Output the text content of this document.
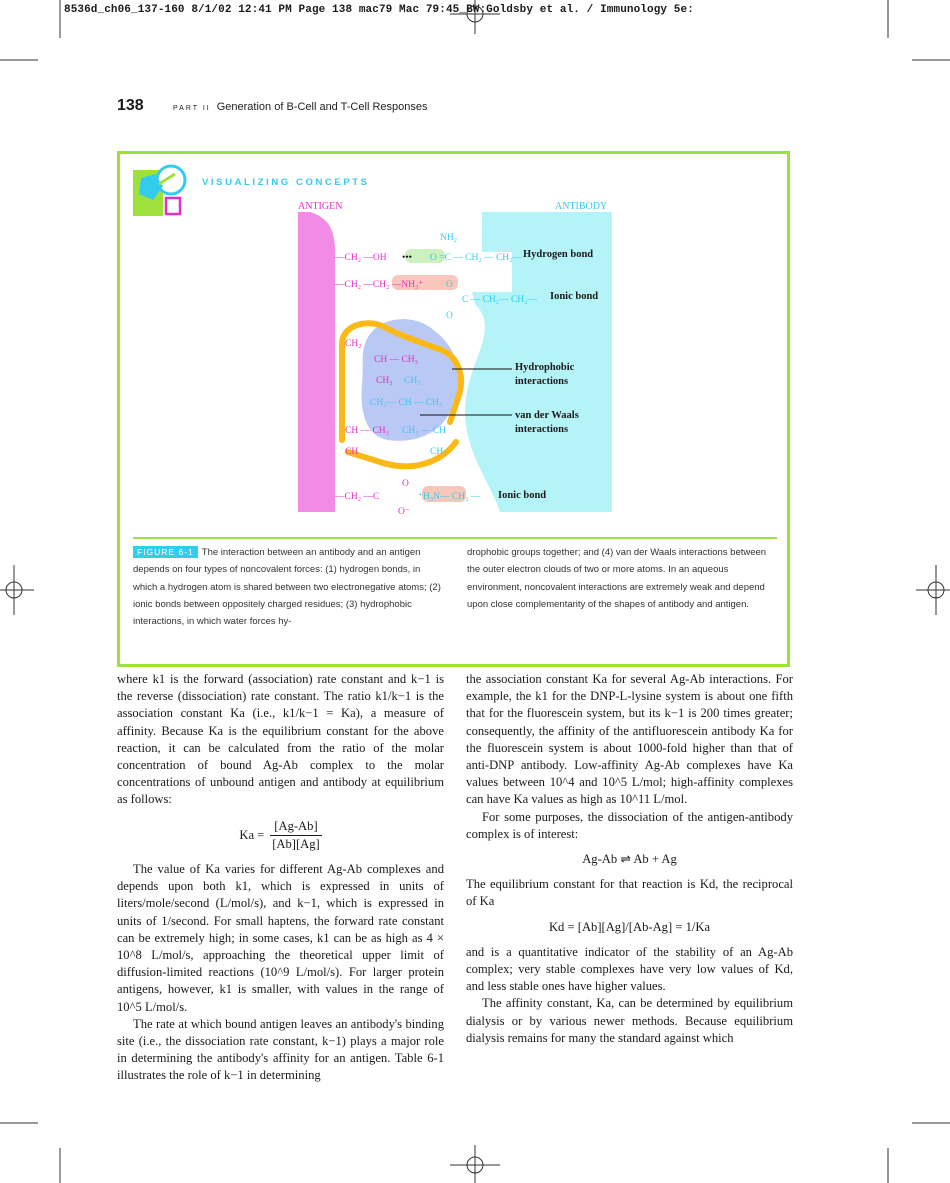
8536d_ch06_137-160 8/1/02 12:41 PM Page 138 mac79 Mac 79:45_BW:Goldsby et al. / Immunology 5e:
138	PART II Generation of B-Cell and T-Cell Responses
VISUALIZING CONCEPTS
ANTIGEN	ANTIBODY
—CH₂ —OH
—CH₂ —CH₂ —NH₃⁺
CH₂
CH — CH₃
CH₃
CH — CH₃
CH
—CH₂ —C
O⁻
O
NH₂
O =C — CH₂ — CH₂—
O
C — CH₂— CH₂—
O
CH₃
CH₃— CH — CH₃
CH₃ — CH
CH₃
⁺H₃N— CH₂ —
•••	Hydrogen bond
Ionic bond
Hydrophobic interactions
van der Waals interactions
Ionic bond
FIGURE 6-1 The interaction between an antibody and an antigen depends on four types of noncovalent forces: (1) hydrogen bonds, in which a hydrogen atom is shared between two electronegative atoms; (2) ionic bonds between oppositely charged residues; (3) hydrophobic interactions, in which water forces hy-
drophobic groups together; and (4) van der Waals interactions between the outer electron clouds of two or more atoms. In an aqueous environment, noncovalent interactions are extremely weak and depend upon close complementarity of the shapes of antibody and antigen.

where k1 is the forward (association) rate constant and k−1 is the reverse (dissociation) rate constant. The ratio k1/k−1 is the association constant Ka (i.e., k1/k−1 = Ka), a measure of affinity. Because Ka is the equilibrium constant for the above reaction, it can be calculated from the ratio of the molar concentration of bound Ag-Ab complex to the molar concentrations of unbound antigen and antibody at equilibrium as follows:

$Ka = \frac{[Ag-Ab]}{[Ab][Ag]}$

The value of Ka varies for different Ag-Ab complexes and depends upon both k1, which is expressed in units of liters/mole/second (L/mol/s), and k−1, which is expressed in units of 1/second. For small haptens, the forward rate constant can be extremely high; in some cases, k1 can be as high as 4 × 10^8 L/mol/s, approaching the theoretical upper limit of diffusion-limited reactions (10^9 L/mol/s). For larger protein antigens, however, k1 is smaller, with values in the range of 10^5 L/mol/s.

The rate at which bound antigen leaves an antibody's binding site (i.e., the dissociation rate constant, k−1) plays a major role in determining the antibody's affinity for an antigen. Table 6-1 illustrates the role of k−1 in determining

the association constant Ka for several Ag-Ab interactions. For example, the k1 for the DNP-L-lysine system is about one fifth that for the fluorescein system, but its k−1 is 200 times greater; consequently, the affinity of the antifluorescein antibody Ka for the fluorescein system is about 1000-fold higher than that of anti-DNP antibody. Low-affinity Ag-Ab complexes have Ka values between 10^4 and 10^5 L/mol; high-affinity complexes can have Ka values as high as 10^11 L/mol.

For some purposes, the dissociation of the antigen-antibody complex is of interest:

Ag-Ab ⇌ Ab + Ag

The equilibrium constant for that reaction is Kd, the reciprocal of Ka

Kd = [Ab][Ag]/[Ab-Ag] = 1/Ka

and is a quantitative indicator of the stability of an Ag-Ab complex; very stable complexes have very low values of Kd, and less stable ones have higher values.

The affinity constant, Ka, can be determined by equilibrium dialysis or by various newer methods. Because equilibrium dialysis remains for many the standard against which
